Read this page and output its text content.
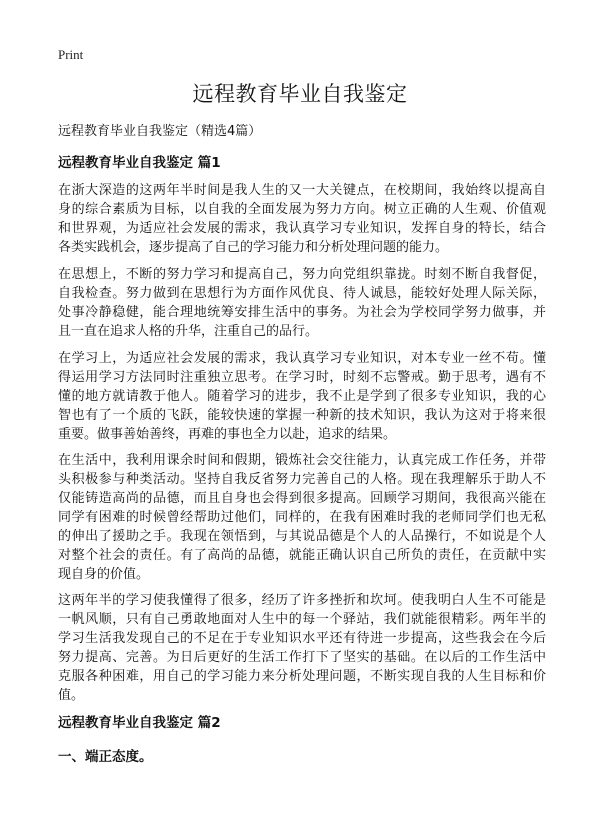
Print
远程教育毕业自我鉴定
远程教育毕业自我鉴定（精选4篇）
远程教育毕业自我鉴定 篇1
在浙大深造的这两年半时间是我人生的又一大关键点，在校期间，我始终以提高自
身的综合素质为目标，以自我的全面发展为努力方向。树立正确的人生观、价值观
和世界观，为适应社会发展的需求，我认真学习专业知识，发挥自身的特长，结合
各类实践机会，逐步提高了自己的学习能力和分析处理问题的能力。
在思想上，不断的努力学习和提高自己，努力向党组织靠拢。时刻不断自我督促，
自我检查。努力做到在思想行为方面作风优良、待人诚恳，能较好处理人际关际，
处事冷静稳健，能合理地统筹安排生活中的事务。为社会为学校同学努力做事，并
且一直在追求人格的升华，注重自己的品行。
在学习上，为适应社会发展的需求，我认真学习专业知识，对本专业一丝不苟。懂
得运用学习方法同时注重独立思考。在学习时，时刻不忘警戒。勤于思考，遇有不
懂的地方就请教于他人。随着学习的进步，我不止是学到了很多专业知识，我的心
智也有了一个质的飞跃，能较快速的掌握一种新的技术知识，我认为这对于将来很
重要。做事善始善终，再难的事也全力以赴，追求的结果。
在生活中，我利用课余时间和假期，锻炼社会交往能力，认真完成工作任务，并带
头积极参与种类活动。坚持自我反省努力完善自己的人格。现在我理解乐于助人不
仅能铸造高尚的品德，而且自身也会得到很多提高。回顾学习期间，我很高兴能在
同学有困难的时候曾经帮助过他们，同样的，在我有困难时我的老师同学们也无私
的伸出了援助之手。我现在领悟到，与其说品德是个人的人品操行，不如说是个人
对整个社会的责任。有了高尚的品德，就能正确认识自己所负的责任，在贡献中实
现自身的价值。
这两年半的学习使我懂得了很多，经历了许多挫折和坎坷。使我明白人生不可能是
一帆风顺，只有自己勇敢地面对人生中的每一个驿站，我们就能很精彩。两年半的
学习生活我发现自己的不足在于专业知识水平还有待进一步提高，这些我会在今后
努力提高、完善。为日后更好的生活工作打下了坚实的基础。在以后的工作生活中
克服各种困难，用自己的学习能力来分析处理问题，不断实现自我的人生目标和价
值。
远程教育毕业自我鉴定 篇2
一、端正态度。
